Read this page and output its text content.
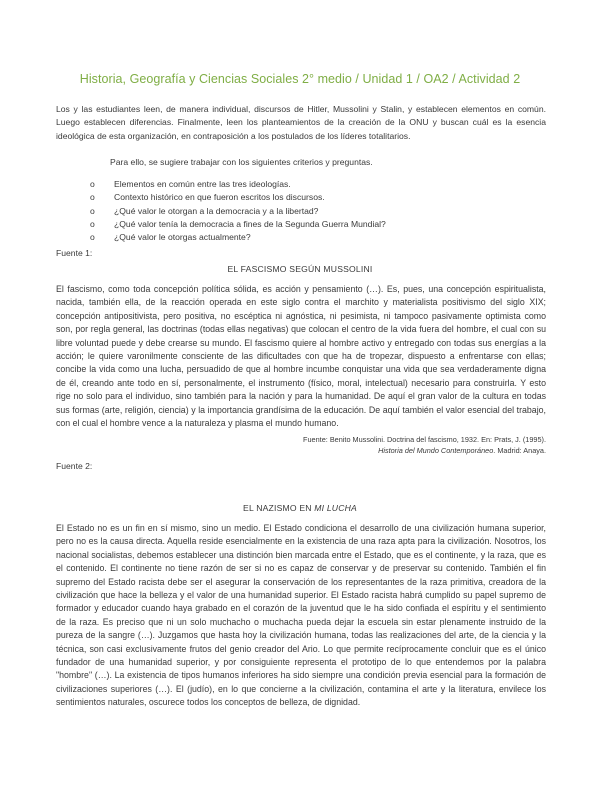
Historia, Geografía y Ciencias Sociales 2° medio / Unidad 1 / OA2 / Actividad 2

Los y las estudiantes leen, de manera individual, discursos de Hitler, Mussolini y Stalin, y establecen elementos en común. Luego establecen diferencias. Finalmente, leen los planteamientos de la creación de la ONU y buscan cuál es la esencia ideológica de esta organización, en contraposición a los postulados de los líderes totalitarios.

Para ello, se sugiere trabajar con los siguientes criterios y preguntas.

o Elementos en común entre las tres ideologías.
o Contexto histórico en que fueron escritos los discursos.
o ¿Qué valor le otorgan a la democracia y a la libertad?
o ¿Qué valor tenía la democracia a fines de la Segunda Guerra Mundial?
o ¿Qué valor le otorgas actualmente?
Fuente 1:
EL FASCISMO SEGÚN MUSSOLINI

El fascismo, como toda concepción política sólida, es acción y pensamiento (…). Es, pues, una concepción espiritualista, nacida, también ella, de la reacción operada en este siglo contra el marchito y materialista positivismo del siglo XIX; concepción antipositivista, pero positiva, no escéptica ni agnóstica, ni pesimista, ni tampoco pasivamente optimista como son, por regla general, las doctrinas (todas ellas negativas) que colocan el centro de la vida fuera del hombre, el cual con su libre voluntad puede y debe crearse su mundo. El fascismo quiere al hombre activo y entregado con todas sus energías a la acción; le quiere varonilmente consciente de las dificultades con que ha de tropezar, dispuesto a enfrentarse con ellas; concibe la vida como una lucha, persuadido de que al hombre incumbe conquistar una vida que sea verdaderamente digna de él, creando ante todo en sí, personalmente, el instrumento (físico, moral, intelectual) necesario para construirla. Y esto rige no solo para el individuo, sino también para la nación y para la humanidad. De aquí el gran valor de la cultura en todas sus formas (arte, religión, ciencia) y la importancia grandísima de la educación. De aquí también el valor esencial del trabajo, con el cual el hombre vence a la naturaleza y plasma el mundo humano.

Fuente: Benito Mussolini. Doctrina del fascismo, 1932. En: Prats, J. (1995).
Historia del Mundo Contemporáneo. Madrid: Anaya.
Fuente 2:
EL NAZISMO EN MI LUCHA

El Estado no es un fin en sí mismo, sino un medio. El Estado condiciona el desarrollo de una civilización humana superior, pero no es la causa directa. Aquella reside esencialmente en la existencia de una raza apta para la civilización. Nosotros, los nacional socialistas, debemos establecer una distinción bien marcada entre el Estado, que es el continente, y la raza, que es el contenido. El continente no tiene razón de ser si no es capaz de conservar y de preservar su contenido. También el fin supremo del Estado racista debe ser el asegurar la conservación de los representantes de la raza primitiva, creadora de la civilización que hace la belleza y el valor de una humanidad superior. El Estado racista habrá cumplido su papel supremo de formador y educador cuando haya grabado en el corazón de la juventud que le ha sido confiada el espíritu y el sentimiento de la raza. Es preciso que ni un solo muchacho o muchacha pueda dejar la escuela sin estar plenamente instruido de la pureza de la sangre (…). Juzgamos que hasta hoy la civilización humana, todas las realizaciones del arte, de la ciencia y la técnica, son casi exclusivamente frutos del genio creador del Ario. Lo que permite recíprocamente concluir que es el único fundador de una humanidad superior, y por consiguiente representa el prototipo de lo que entendemos por la palabra "hombre" (…). La existencia de tipos humanos inferiores ha sido siempre una condición previa esencial para la formación de civilizaciones superiores (…). El (judío), en lo que concierne a la civilización, contamina el arte y la literatura, envilece los sentimientos naturales, oscurece todos los conceptos de belleza, de dignidad.
